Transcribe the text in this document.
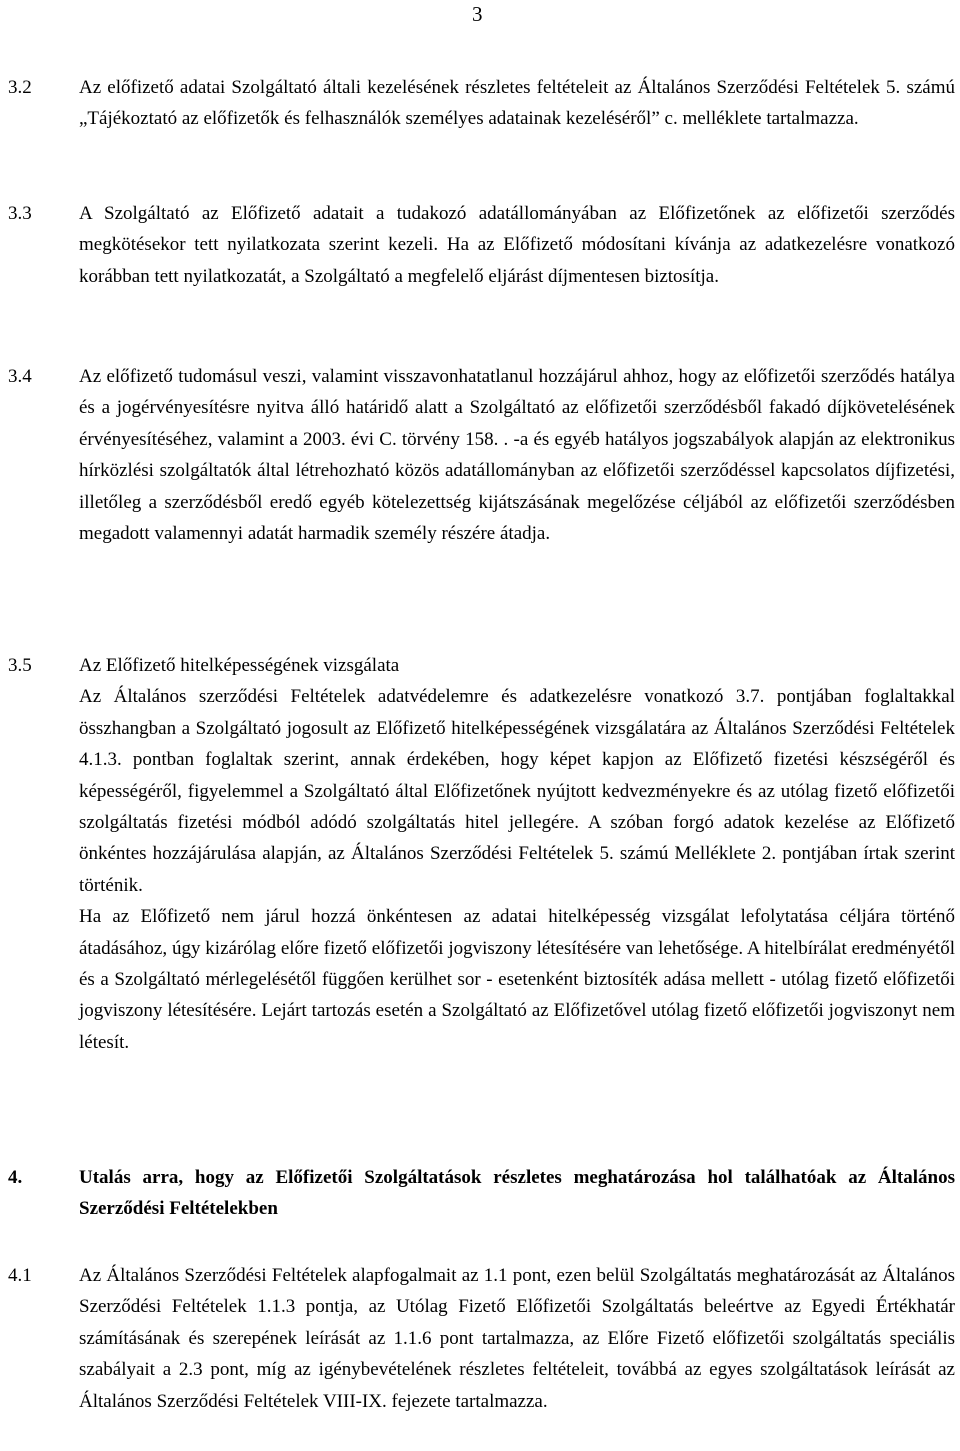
3
3.2 Az előfizető adatai Szolgáltató általi kezelésének részletes feltételeit az Általános Szerződési Feltételek 5. számú „Tájékoztató az előfizetők és felhasználók személyes adatainak kezeléséről” c. melléklete tartalmazza.

3.3 A Szolgáltató az Előfizető adatait a tudakozó adatállományában az Előfizetőnek az előfizetői szerződés megkötésekor tett nyilatkozata szerint kezeli. Ha az Előfizető módosítani kívánja az adatkezelésre vonatkozó korábban tett nyilatkozatát, a Szolgáltató a megfelelő eljárást díjmentesen biztosítja.

3.4 Az előfizető tudomásul veszi, valamint visszavonhatatlanul hozzájárul ahhoz, hogy az előfizetői szerződés hatálya és a jogérvényesítésre nyitva álló határidő alatt a Szolgáltató az előfizetői szerződésből fakadó díjkövetelésének érvényesítéséhez, valamint a 2003. évi C. törvény 158. . -a és egyéb hatályos jogszabályok alapján az elektronikus hírközlési szolgáltatók által létrehozható közös adatállományban az előfizetői szerződéssel kapcsolatos díjfizetési, illetőleg a szerződésből eredő egyéb kötelezettség kijátszásának megelőzése céljából az előfizetői szerződésben megadott valamennyi adatát harmadik személy részére átadja.

3.5 Az Előfizető hitelképességének vizsgálata

Az Általános szerződési Feltételek adatvédelemre és adatkezelésre vonatkozó 3.7. pontjában foglaltakkal összhangban a Szolgáltató jogosult az Előfizető hitelképességének vizsgálatára az Általános Szerződési Feltételek 4.1.3. pontban foglaltak szerint, annak érdekében, hogy képet kapjon az Előfizető fizetési készségéről és képességéről, figyelemmel a Szolgáltató által Előfizetőnek nyújtott kedvezményekre és az utólag fizető előfizetői szolgáltatás fizetési módból adódó szolgáltatás hitel jellegére. A szóban forgó adatok kezelése az Előfizető önkéntes hozzájárulása alapján, az Általános Szerződési Feltételek 5. számú Melléklete 2. pontjában írtak szerint történik.

Ha az Előfizető nem járul hozzá önkéntesen az adatai hitelképesség vizsgálat lefolytatása céljára történő átadásához, úgy kizárólag előre fizető előfizetői jogviszony létesítésére van lehetősége. A hitelbírálat eredményétől és a Szolgáltató mérlegelésétől függően kerülhet sor - esetenként biztosíték adása mellett - utólag fizető előfizetői jogviszony létesítésére. Lejárt tartozás esetén a Szolgáltató az Előfizetővel utólag fizető előfizetői jogviszonyt nem létesít.

4.	Utalás arra, hogy az Előfizetői Szolgáltatások részletes meghatározása hol találhatóak az Általános Szerződési Feltételekben

4.1 Az Általános Szerződési Feltételek alapfogalmait az 1.1 pont, ezen belül Szolgáltatás meghatározását az Általános Szerződési Feltételek 1.1.3 pontja, az Utólag Fizető Előfizetői Szolgáltatás beleértve az Egyedi Értékhatár számításának és szerepének leírását az 1.1.6 pont tartalmazza, az Előre Fizető előfizetői szolgáltatás speciális szabályait a 2.3 pont, míg az igénybevételének részletes feltételeit, továbbá az egyes szolgáltatások leírását az Általános Szerződési Feltételek VIII-IX. fejezete tartalmazza.
